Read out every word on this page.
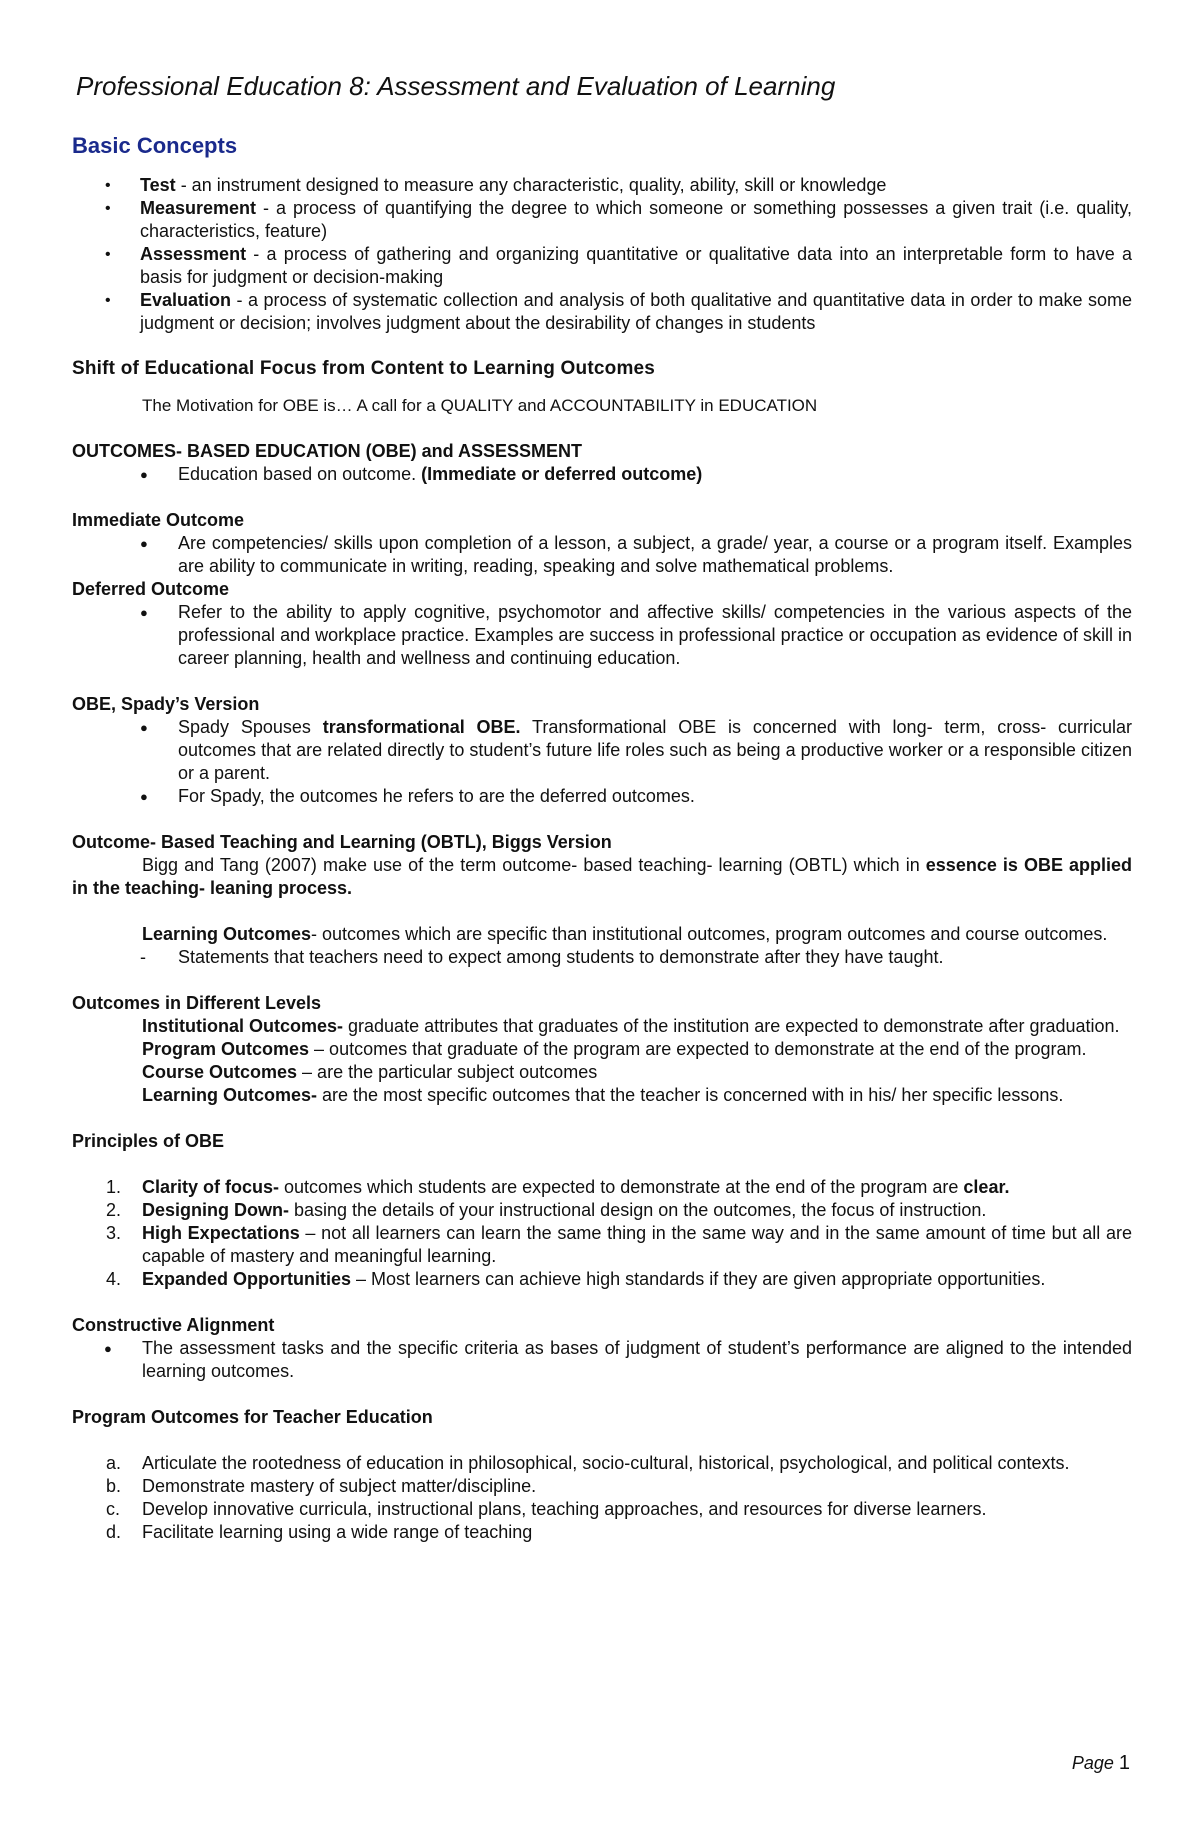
Professional Education 8: Assessment and Evaluation of Learning
Basic Concepts
• Test - an instrument designed to measure any characteristic, quality, ability, skill or knowledge
• Measurement - a process of quantifying the degree to which someone or something possesses a given trait (i.e. quality, characteristics, feature)
• Assessment - a process of gathering and organizing quantitative or qualitative data into an interpretable form to have a basis for judgment or decision-making
• Evaluation - a process of systematic collection and analysis of both qualitative and quantitative data in order to make some judgment or decision; involves judgment about the desirability of changes in students
Shift of Educational Focus from Content to Learning Outcomes

The Motivation for OBE is… A call for a QUALITY and ACCOUNTABILITY in EDUCATION

OUTCOMES- BASED EDUCATION (OBE) and ASSESSMENT
● Education based on outcome. (Immediate or deferred outcome)
Immediate Outcome
● Are competencies/ skills upon completion of a lesson, a subject, a grade/ year, a course or a program itself. Examples are ability to communicate in writing, reading, speaking and solve mathematical problems.
Deferred Outcome
● Refer to the ability to apply cognitive, psychomotor and affective skills/ competencies in the various aspects of the professional and workplace practice. Examples are success in professional practice or occupation as evidence of skill in career planning, health and wellness and continuing education.
OBE, Spady’s Version
● Spady Spouses transformational OBE. Transformational OBE is concerned with long- term, cross- curricular outcomes that are related directly to student’s future life roles such as being a productive worker or a responsible citizen or a parent.
● For Spady, the outcomes he refers to are the deferred outcomes.
Outcome- Based Teaching and Learning (OBTL), Biggs Version

Bigg and Tang (2007) make use of the term outcome- based teaching- learning (OBTL) which in essence is OBE applied in the teaching- leaning process.

Learning Outcomes- outcomes which are specific than institutional outcomes, program outcomes and course outcomes.

- Statements that teachers need to expect among students to demonstrate after they have taught.
Outcomes in Different Levels

Institutional Outcomes- graduate attributes that graduates of the institution are expected to demonstrate after graduation.

Program Outcomes – outcomes that graduate of the program are expected to demonstrate at the end of the program.

Course Outcomes – are the particular subject outcomes

Learning Outcomes- are the most specific outcomes that the teacher is concerned with in his/ her specific lessons.

Principles of OBE
1. Clarity of focus- outcomes which students are expected to demonstrate at the end of the program are clear.
2. Designing Down- basing the details of your instructional design on the outcomes, the focus of instruction.
3. High Expectations – not all learners can learn the same thing in the same way and in the same amount of time but all are capable of mastery and meaningful learning.
4. Expanded Opportunities – Most learners can achieve high standards if they are given appropriate opportunities.
Constructive Alignment
● The assessment tasks and the specific criteria as bases of judgment of student’s performance are aligned to the intended learning outcomes.
Program Outcomes for Teacher Education
a. Articulate the rootedness of education in philosophical, socio-cultural, historical, psychological, and political contexts.
b. Demonstrate mastery of subject matter/discipline.
c. Develop innovative curricula, instructional plans, teaching approaches, and resources for diverse learners.
d. Facilitate learning using a wide range of teaching
Page 1
